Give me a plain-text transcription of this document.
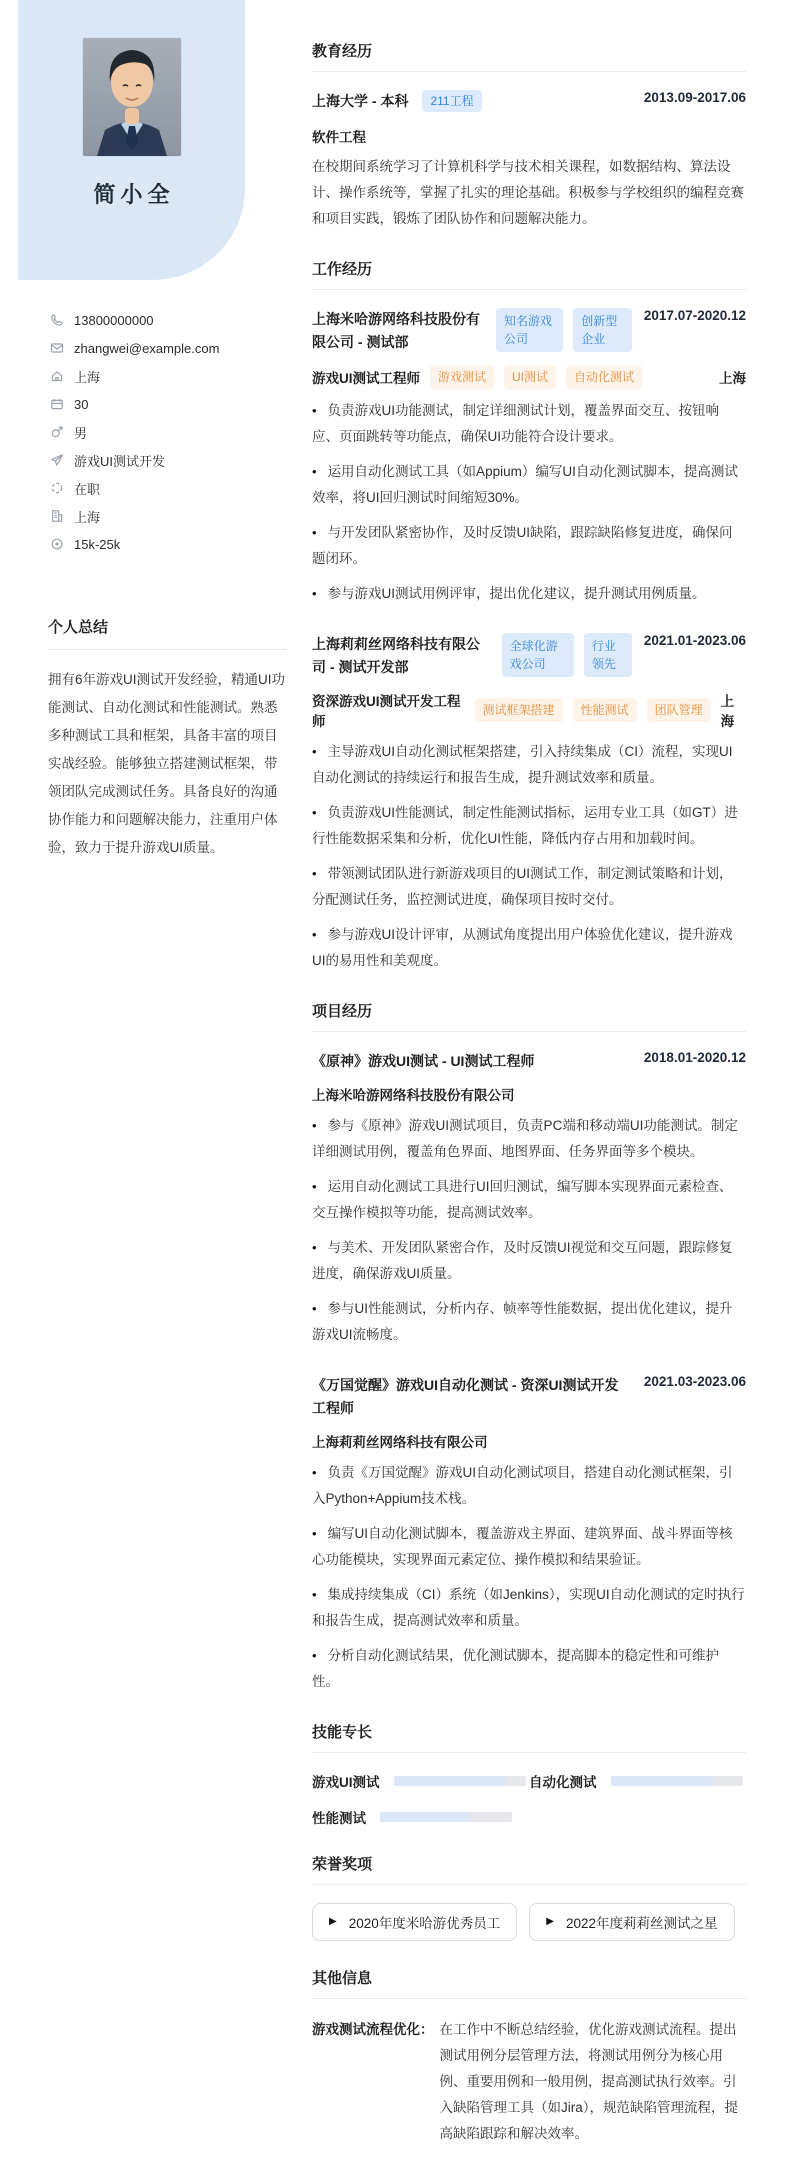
简小全
13800000000
zhangwei@example.com
上海
30
男
游戏UI测试开发
在职
上海
15k-25k
个人总结

拥有6年游戏UI测试开发经验，精通UI功能测试、自动化测试和性能测试。熟悉多种测试工具和框架，具备丰富的项目实战经验。能够独立搭建测试框架，带领团队完成测试任务。具备良好的沟通协作能力和问题解决能力，注重用户体验，致力于提升游戏UI质量。

教育经历
上海大学 - 本科	211工程	2013.09-2017.06
软件工程

在校期间系统学习了计算机科学与技术相关课程，如数据结构、算法设计、操作系统等，掌握了扎实的理论基础。积极参与学校组织的编程竞赛和项目实践，锻炼了团队协作和问题解决能力。

工作经历
上海米哈游网络科技股份有限公司 - 测试部
知名游戏公司
创新型企业
2017.07-2020.12
游戏UI测试工程师	游戏测试	UI测试	自动化测试	上海

• 负责游戏UI功能测试，制定详细测试计划，覆盖界面交互、按钮响应、页面跳转等功能点，确保UI功能符合设计要求。

• 运用自动化测试工具（如Appium）编写UI自动化测试脚本，提高测试效率，将UI回归测试时间缩短30%。

• 与开发团队紧密协作，及时反馈UI缺陷，跟踪缺陷修复进度，确保问题闭环。

• 参与游戏UI测试用例评审，提出优化建议，提升测试用例质量。

上海莉莉丝网络科技有限公司 - 测试开发部
全球化游戏公司
行业领先
2021.01-2023.06
资深游戏UI测试开发工程师
测试框架搭建	性能测试	团队管理
上海

• 主导游戏UI自动化测试框架搭建，引入持续集成（CI）流程，实现UI自动化测试的持续运行和报告生成，提升测试效率和质量。

• 负责游戏UI性能测试，制定性能测试指标，运用专业工具（如GT）进行性能数据采集和分析，优化UI性能，降低内存占用和加载时间。

• 带领测试团队进行新游戏项目的UI测试工作，制定测试策略和计划，分配测试任务，监控测试进度，确保项目按时交付。

• 参与游戏UI设计评审，从测试角度提出用户体验优化建议，提升游戏UI的易用性和美观度。

项目经历
《原神》游戏UI测试 - UI测试工程师	2018.01-2020.12
上海米哈游网络科技股份有限公司

• 参与《原神》游戏UI测试项目，负责PC端和移动端UI功能测试。制定详细测试用例，覆盖角色界面、地图界面、任务界面等多个模块。

• 运用自动化测试工具进行UI回归测试，编写脚本实现界面元素检查、交互操作模拟等功能，提高测试效率。

• 与美术、开发团队紧密合作，及时反馈UI视觉和交互问题，跟踪修复进度，确保游戏UI质量。

• 参与UI性能测试，分析内存、帧率等性能数据，提出优化建议，提升游戏UI流畅度。

《万国觉醒》游戏UI自动化测试 - 资深UI测试开发工程师
2021.03-2023.06
上海莉莉丝网络科技有限公司

• 负责《万国觉醒》游戏UI自动化测试项目，搭建自动化测试框架，引入Python+Appium技术栈。

• 编写UI自动化测试脚本，覆盖游戏主界面、建筑界面、战斗界面等核心功能模块，实现界面元素定位、操作模拟和结果验证。

• 集成持续集成（CI）系统（如Jenkins），实现UI自动化测试的定时执行和报告生成，提高测试效率和质量。

• 分析自动化测试结果，优化测试脚本，提高脚本的稳定性和可维护性。

技能专长
游戏UI测试	自动化测试
性能测试
荣誉奖项
▶ 2020年度米哈游优秀员工	▶ 2022年度莉莉丝测试之星
其他信息
游戏测试流程优化： 在工作中不断总结经验，优化游戏测试流程。提出测试用例分层管理方法，将测试用例分为核心用例、重要用例和一般用例，提高测试执行效率。引入缺陷管理工具（如Jira），规范缺陷管理流程，提高缺陷跟踪和解决效率。
